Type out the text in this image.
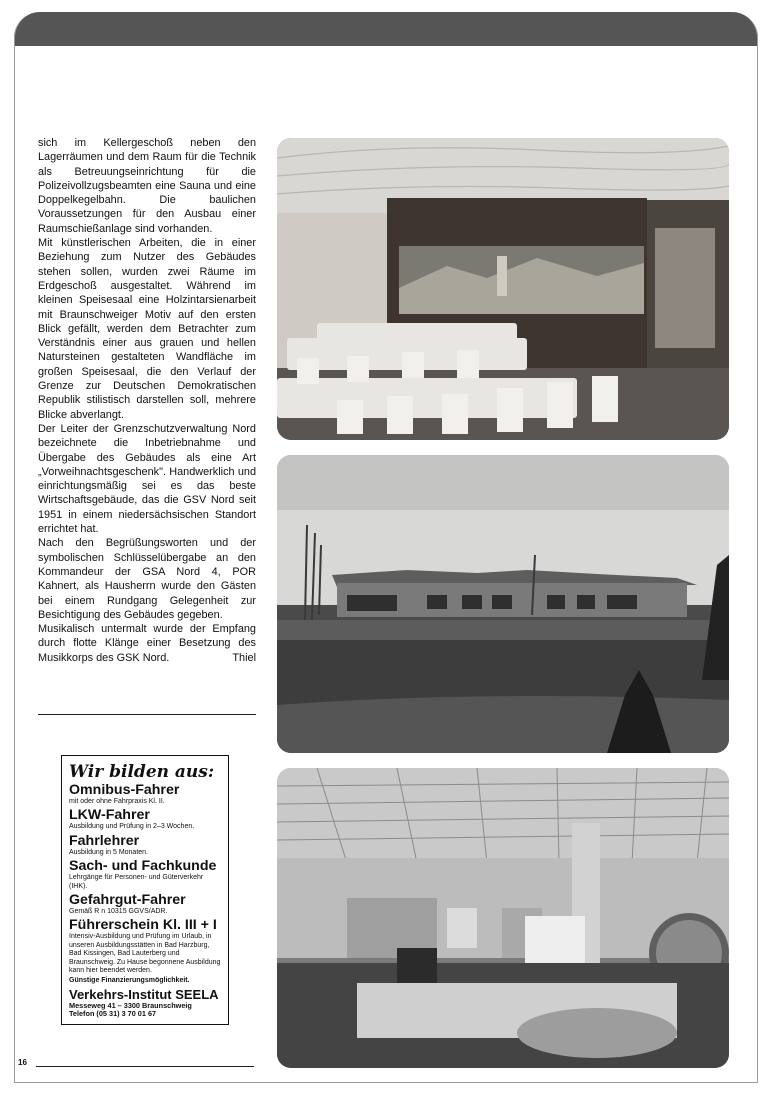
sich im Kellergeschoß neben den Lagerräumen und dem Raum für die Technik als Betreuungseinrichtung für die Polizeivollzugsbeamten eine Sauna und eine Doppelkegelbahn. Die baulichen Voraussetzungen für den Ausbau einer Raumschießanlage sind vorhanden.

Mit künstlerischen Arbeiten, die in einer Beziehung zum Nutzer des Gebäudes stehen sollen, wurden zwei Räume im Erdgeschoß ausgestaltet. Während im kleinen Speisesaal eine Holzintarsienarbeit mit Braunschweiger Motiv auf den ersten Blick gefällt, werden dem Betrachter zum Verständnis einer aus grauen und hellen Natursteinen gestalteten Wandfläche im großen Speisesaal, die den Verlauf der Grenze zur Deutschen Demokratischen Republik stilistisch darstellen soll, mehrere Blicke abverlangt.

Der Leiter der Grenzschutzverwaltung Nord bezeichnete die Inbetriebnahme und Übergabe des Gebäudes als eine Art „Vorweihnachtsgeschenk". Handwerklich und einrichtungsmäßig sei es das beste Wirtschaftsgebäude, das die GSV Nord seit 1951 in einem niedersächsischen Standort errichtet hat.

Nach den Begrüßungsworten und der symbolischen Schlüsselübergabe an den Kommandeur der GSA Nord 4, POR Kahnert, als Hausherrn wurde den Gästen bei einem Rundgang Gelegenheit zur Besichtigung des Gebäudes gegeben.

Musikalisch untermalt wurde der Empfang durch flotte Klänge einer Besetzung des Musikkorps des GSK Nord.	Thiel

Wir bilden aus:

Omnibus-Fahrer

mit oder ohne Fahrpraxis Kl. II.

LKW-Fahrer

Ausbildung und Prüfung in 2–3 Wochen.

Fahrlehrer

Ausbildung in 5 Monaten.

Sach- und Fachkunde

Lehrgänge für Personen- und Güterverkehr (IHK).

Gefahrgut-Fahrer

Gemäß R n 10315 GGVS/ADR.

Führerschein Kl. III + I

Intensiv-Ausbildung und Prüfung im Urlaub, in unseren Ausbildungsstätten in Bad Harzburg, Bad Kissingen, Bad Lauterberg und Braunschweig. Zu Hause begonnene Ausbildung kann hier beendet werden.

Günstige Finanzierungsmöglichkeit.

Verkehrs-Institut SEELA
Messeweg 41 – 3300 Braunschweig
Telefon (05 31) 3 70 01 67
16
